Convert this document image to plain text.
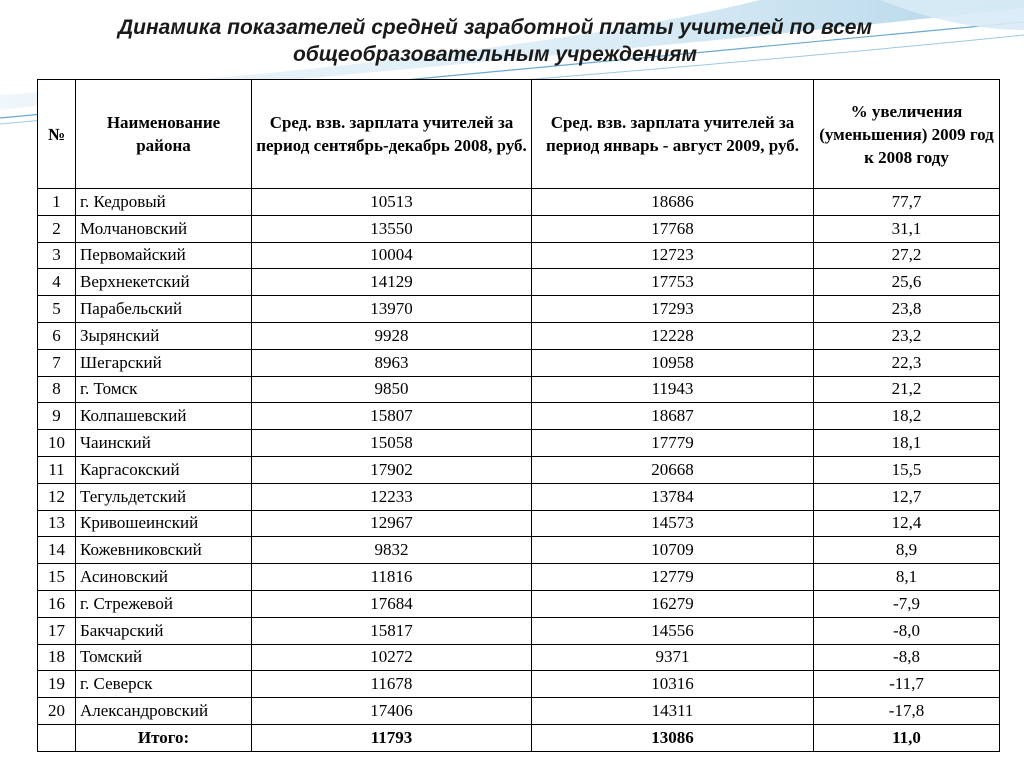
Динамика показателей средней заработной платы учителей по всем
общеобразовательным учреждениям
№	Наименование района	Сред. взв. зарплата учителей за период сентябрь-декабрь 2008, руб.	Сред. взв. зарплата учителей за период январь - август 2009, руб.	% увеличения (уменьшения) 2009 год к 2008 году
1	г. Кедровый	10513	18686	77,7
2	Молчановский	13550	17768	31,1
3	Первомайский	10004	12723	27,2
4	Верхнекетский	14129	17753	25,6
5	Парабельский	13970	17293	23,8
6	Зырянский	9928	12228	23,2
7	Шегарский	8963	10958	22,3
8	г. Томск	9850	11943	21,2
9	Колпашевский	15807	18687	18,2
10	Чаинский	15058	17779	18,1
11	Каргасокский	17902	20668	15,5
12	Тегульдетский	12233	13784	12,7
13	Кривошеинский	12967	14573	12,4
14	Кожевниковский	9832	10709	8,9
15	Асиновский	11816	12779	8,1
16	г. Стрежевой	17684	16279	-7,9
17	Бакчарский	15817	14556	-8,0
18	Томский	10272	9371	-8,8
19	г. Северск	11678	10316	-11,7
20	Александровский	17406	14311	-17,8
	Итого:	11793	13086	11,0
